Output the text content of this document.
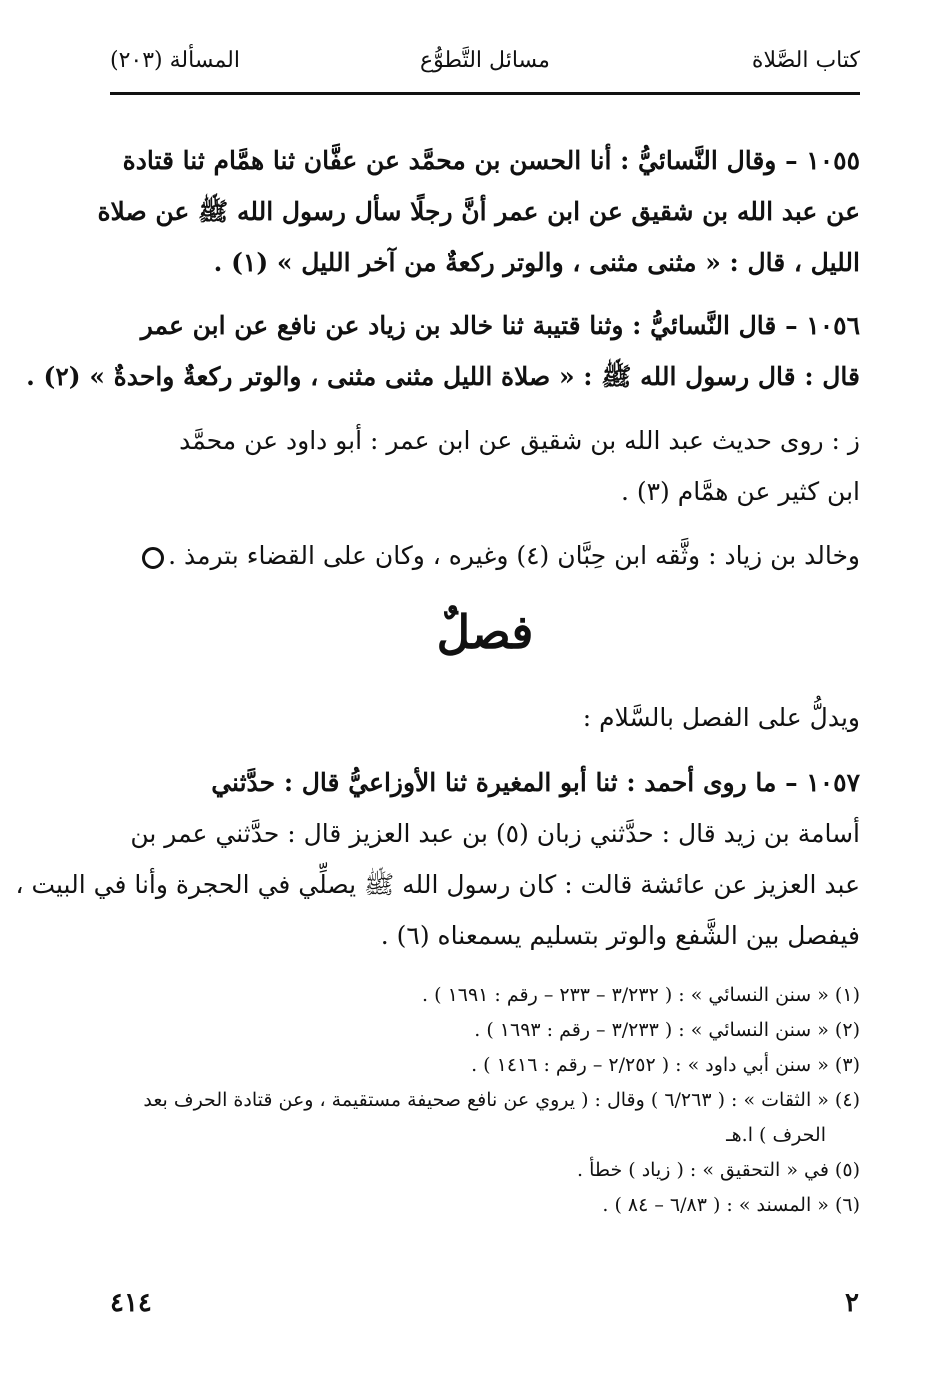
كتاب الصَّلاة
مسائل التَّطوُّع
المسألة (٢٠٣)
١٠٥٥ – وقال النَّسائيُّ : أنا الحسن بن محمَّد عن عفَّان ثنا همَّام ثنا قتادة
عن عبد الله بن شقيق عن ابن عمر أنَّ رجلًا سأل رسول الله ﷺ عن صلاة
الليل ، قال : « مثنى مثنى ، والوتر ركعةٌ من آخر الليل » (١) .
١٠٥٦ – قال النَّسائيُّ : وثنا قتيبة ثنا خالد بن زياد عن نافع عن ابن عمر
قال : قال رسول الله ﷺ : « صلاة الليل مثنى مثنى ، والوتر ركعةٌ واحدةٌ » (٢) .
ز : روى حديث عبد الله بن شقيق عن ابن عمر : أبو داود عن محمَّد
ابن كثير عن همَّام (٣) .
وخالد بن زياد : وثَّقه ابن حِبَّان (٤) وغيره ، وكان على القضاء بترمذ .
فصلٌ
ويدلُّ على الفصل بالسَّلام :
١٠٥٧ – ما روى أحمد : ثنا أبو المغيرة ثنا الأوزاعيُّ قال : حدَّثني
أسامة بن زيد قال : حدَّثني زبان (٥) بن عبد العزيز قال : حدَّثني عمر بن
عبد العزيز عن عائشة قالت : كان رسول الله ﷺ يصلِّي في الحجرة وأنا في البيت ،
فيفصل بين الشَّفع والوتر بتسليم يسمعناه (٦) .
(١) « سنن النسائي » : ( ٣/٢٣٢ – ٢٣٣ – رقم : ١٦٩١ ) .
(٢) « سنن النسائي » : ( ٣/٢٣٣ – رقم : ١٦٩٣ ) .
(٣) « سنن أبي داود » : ( ٢/٢٥٢ – رقم : ١٤١٦ ) .
(٤) « الثقات » : ( ٦/٢٦٣ ) وقال : ( يروي عن نافع صحيفة مستقيمة ، وعن قتادة الحرف بعد
الحرف ) ا.هـ
(٥) في « التحقيق » : ( زياد ) خطأ .
(٦) « المسند » : ( ٦/٨٣ – ٨٤ ) .
٢
٤١٤
